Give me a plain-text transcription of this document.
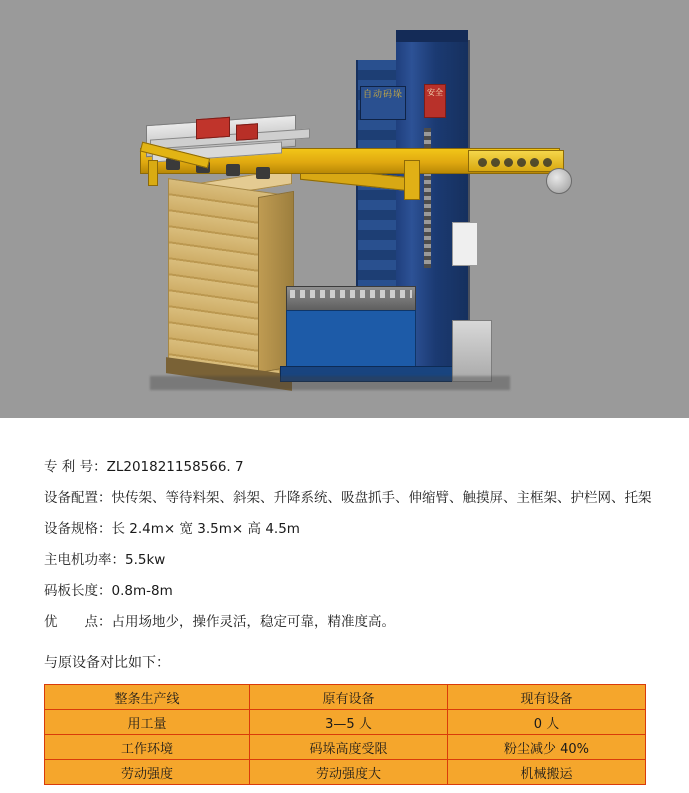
自动码垛	安全
专 利 号：ZL201821158566. 7
设备配置：快传架、等待料架、斜架、升降系统、吸盘抓手、伸缩臂、触摸屏、主框架、护栏网、托架
设备规格：长 2.4m× 宽 3.5m× 高 4.5m
主电机功率：5.5kw
码板长度：0.8m-8m
优　　点：占用场地少，操作灵活，稳定可靠，精准度高。
与原设备对比如下：
整条生产线	原有设备	现有设备
用工量	3—5 人	0 人
工作环境	码垛高度受限	粉尘减少 40%
劳动强度	劳动强度大	机械搬运
